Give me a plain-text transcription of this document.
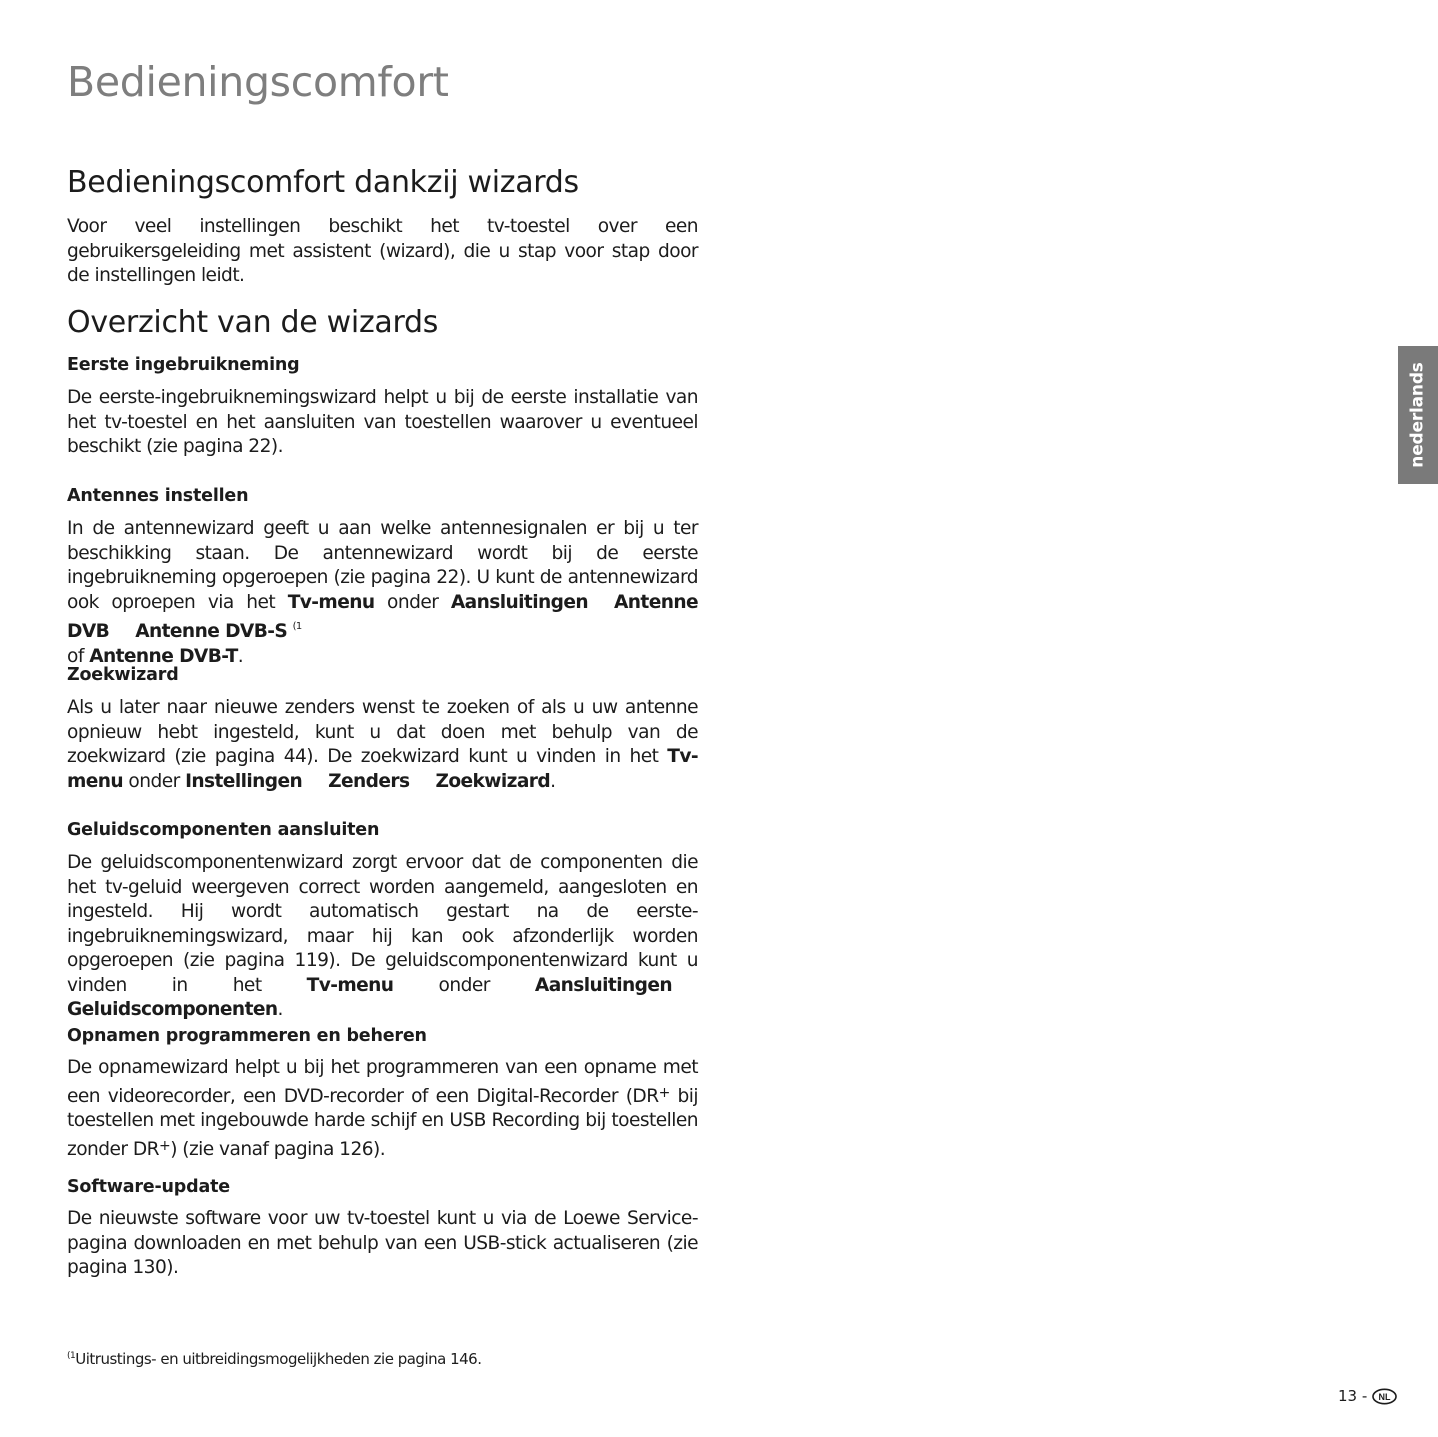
Bedieningscomfort
Bedieningscomfort dankzij wizards

Voor veel instellingen beschikt het tv-toestel over een gebruikersgeleiding met assistent (wizard), die u stap voor stap door de instellingen leidt.

Overzicht van de wizards
Eerste ingebruikneming

De eerste-ingebruiknemingswizard helpt u bij de eerste installatie van het tv-toestel en het aansluiten van toestellen waarover u eventueel beschikt (zie pagina 22).

Antennes instellen

In de antennewizard geeft u aan welke antennesignalen er bij u ter beschikking staan. De antennewizard wordt bij de eerste ingebruikneming opgeroepen (zie pagina 22). U kunt de antennewizard ook oproepen via het Tv-menu onder Aansluitingen Antenne DVB Antenne DVB-S $^{(1}$
of Antenne DVB-T.

Zoekwizard

Als u later naar nieuwe zenders wenst te zoeken of als u uw antenne opnieuw hebt ingesteld, kunt u dat doen met behulp van de zoekwizard (zie pagina 44). De zoekwizard kunt u vinden in het Tv-menu onder Instellingen Zenders Zoekwizard.

Geluidscomponenten aansluiten

De geluidscomponentenwizard zorgt ervoor dat de componenten die het tv-geluid weergeven correct worden aangemeld, aangesloten en ingesteld. Hij wordt automatisch gestart na de eerste-ingebruiknemingswizard, maar hij kan ook afzonderlijk worden opgeroepen (zie pagina 119). De geluidscomponentenwizard kunt u vinden in het Tv-menu onder AansluitingenGeluidscomponenten.

Opnamen programmeren en beheren

De opnamewizard helpt u bij het programmeren van een opname met een videorecorder, een DVD-recorder of een Digital-Recorder (DR+ bij toestellen met ingebouwde harde schijf en USB Recording bij toestellen zonder DR+) (zie vanaf pagina 126).

Software-update

De nieuwste software voor uw tv-toestel kunt u via de Loewe Service-pagina downloaden en met behulp van een USB-stick actualiseren (zie pagina 130).

nederlands

$^{(1}$Uitrustings- en uitbreidingsmogelijkheden zie pagina 146.

13 - NL
